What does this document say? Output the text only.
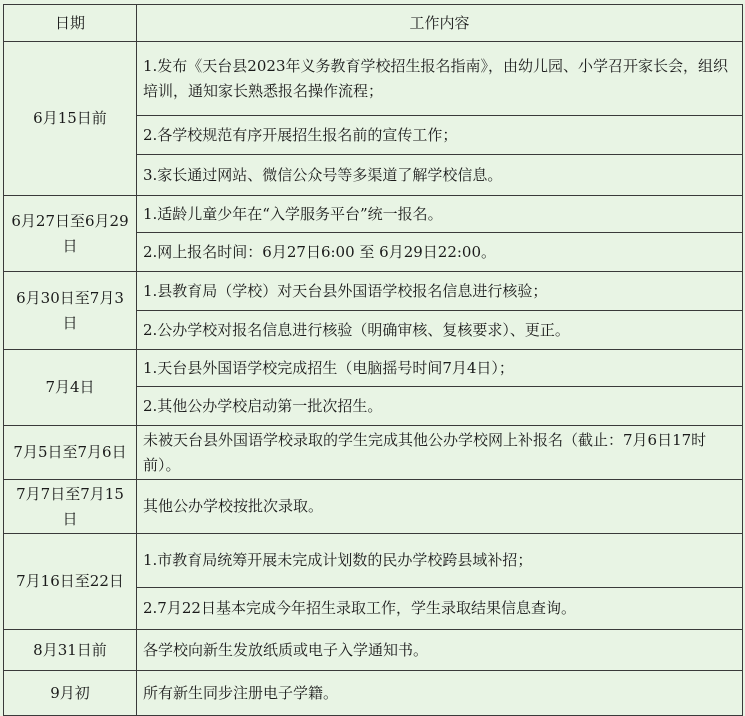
日期	工作内容
6月15日前	1.发布《天台县2023年义务教育学校招生报名指南》，由幼儿园、小学召开家长会，组织培训，通知家长熟悉报名操作流程；
	2.各学校规范有序开展招生报名前的宣传工作；
	3.家长通过网站、微信公众号等多渠道了解学校信息。
6月27日至6月29日	1.适龄儿童少年在“入学服务平台”统一报名。
	2.网上报名时间：6月27日6:00 至 6月29日22:00。
6月30日至7月3日	1.县教育局（学校）对天台县外国语学校报名信息进行核验；
	2.公办学校对报名信息进行核验（明确审核、复核要求）、更正。
7月4日	1.天台县外国语学校完成招生（电脑摇号时间7月4日）；
	2.其他公办学校启动第一批次招生。
7月5日至7月6日	未被天台县外国语学校录取的学生完成其他公办学校网上补报名（截止：7月6日17时前）。
7月7日至7月15日	其他公办学校按批次录取。
7月16日至22日	1.市教育局统筹开展未完成计划数的民办学校跨县域补招；
	2.7月22日基本完成今年招生录取工作，学生录取结果信息查询。
8月31日前	各学校向新生发放纸质或电子入学通知书。
9月初	所有新生同步注册电子学籍。
